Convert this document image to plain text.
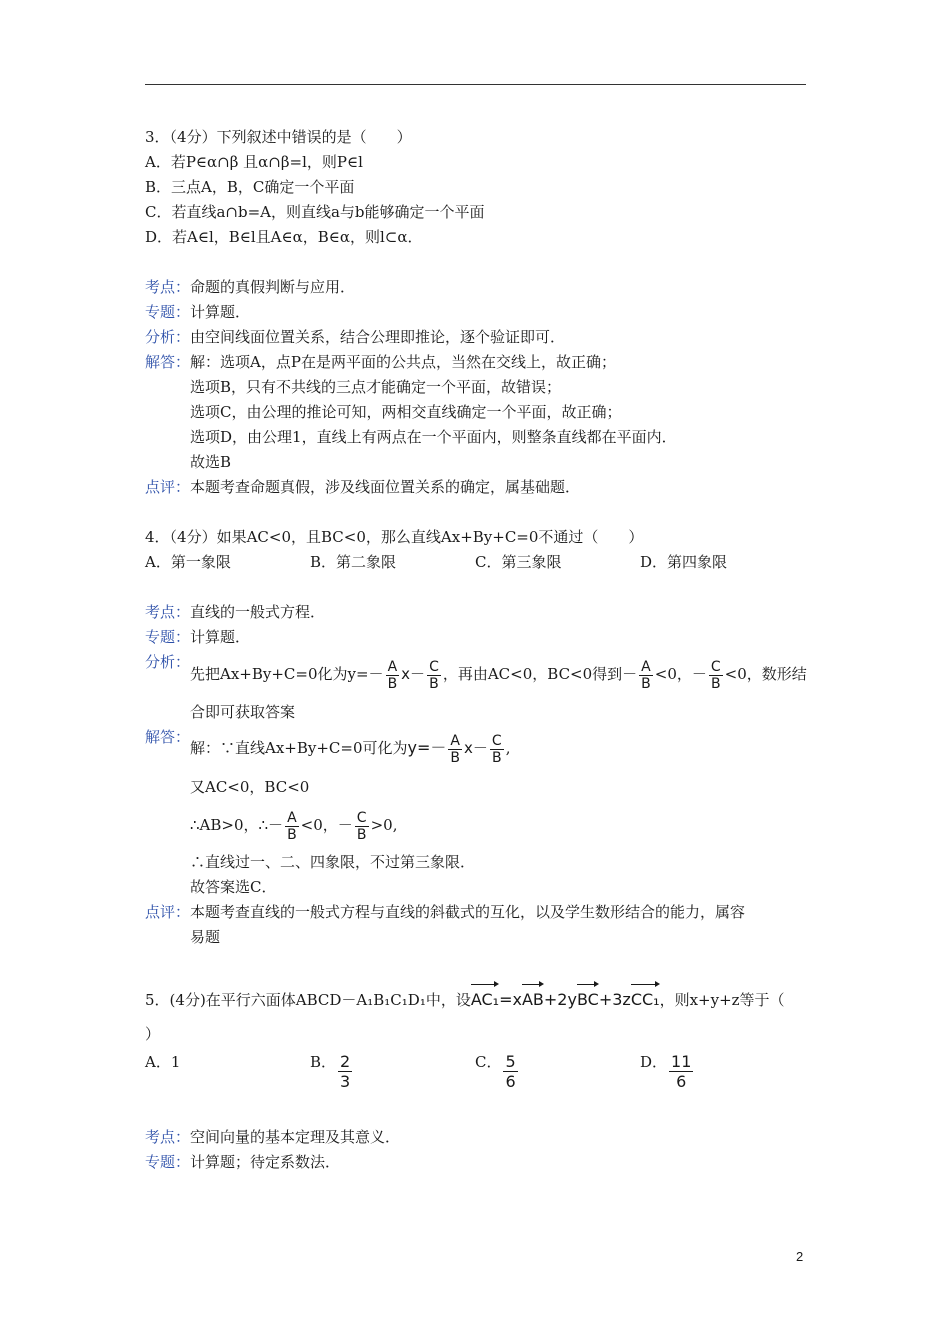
3．（4分）下列叙述中错误的是（　　）
A．若P∈α∩β 且α∩β=l，则P∈l
B．三点A，B，C确定一个平面
C．若直线a∩b=A，则直线a与b能够确定一个平面
D．若A∈l，B∈l且A∈α，B∈α，则l⊂α．
考点：命题的真假判断与应用．
专题：计算题．
分析：由空间线面位置关系，结合公理即推论，逐个验证即可．
解答：解：选项A，点P在是两平面的公共点，当然在交线上，故正确；
选项B，只有不共线的三点才能确定一个平面，故错误；
选项C，由公理的推论可知，两相交直线确定一个平面，故正确；
选项D，由公理1，直线上有两点在一个平面内，则整条直线都在平面内．
故选B
点评：本题考查命题真假，涉及线面位置关系的确定，属基础题．
4．（4分）如果AC<0，且BC<0，那么直线Ax+By+C=0不通过（　　）
A．第一象限	B．第二象限	C．第三象限	D．第四象限
考点：直线的一般式方程．
专题：计算题．
分析：
先把Ax+By+C=0化为$y=- \frac{A}{B} x- \frac{C}{B}$ ，再由AC<0，BC<0得到－ $\frac{A}{B} <0$，－ $\frac{C}{B} <0$，数形结
合即可获取答案
解答：
解：∵直线Ax+By+C=0可化为$y=- \frac{A}{B} x- \frac{C}{B}$ ,
又AC<0，BC<0
∴AB>0，∴－ $\frac{A}{B} <0$，－ $\frac{C}{B} >0$,
∴直线过一、二、四象限，不过第三象限．
故答案选C．
点评：本题考查直线的一般式方程与直线的斜截式的互化，以及学生数形结合的能力，属容
易题
5．(4分)在平行六面体ABCD－A₁B₁C₁D₁中，设AC₁=xAB+2yBC+3zCC₁，则x+y+z等于（
）
A．1	B． $\frac{2}{3}$	C． $\frac{5}{6}$	D． $\frac{11}{6}$
考点：空间向量的基本定理及其意义．
专题：计算题；待定系数法．
2
